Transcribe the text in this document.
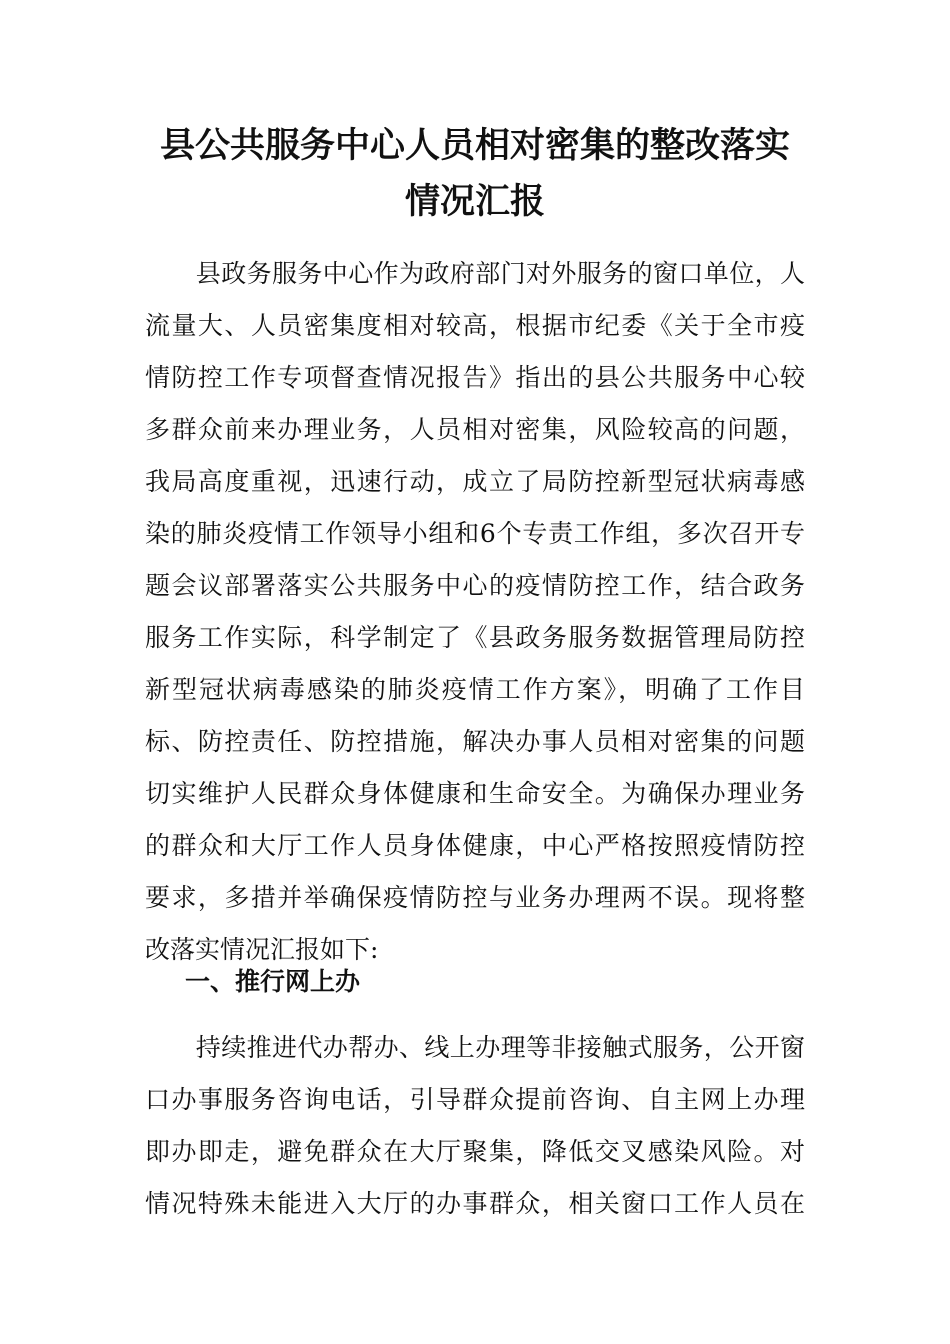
县公共服务中心人员相对密集的整改落实
情况汇报
　　县政务服务中心作为政府部门对外服务的窗口单位，人
流量大、人员密集度相对较高，根据市纪委《关于全市疫
情防控工作专项督查情况报告》指出的县公共服务中心较
多群众前来办理业务，人员相对密集，风险较高的问题，
我局高度重视，迅速行动，成立了局防控新型冠状病毒感
染的肺炎疫情工作领导小组和6个专责工作组，多次召开专
题会议部署落实公共服务中心的疫情防控工作，结合政务
服务工作实际，科学制定了《县政务服务数据管理局防控
新型冠状病毒感染的肺炎疫情工作方案》，明确了工作目
标、防控责任、防控措施，解决办事人员相对密集的问题
切实维护人民群众身体健康和生命安全。为确保办理业务
的群众和大厅工作人员身体健康，中心严格按照疫情防控
要求，多措并举确保疫情防控与业务办理两不误。现将整
改落实情况汇报如下:
一、推行网上办
　　持续推进代办帮办、线上办理等非接触式服务，公开窗
口办事服务咨询电话，引导群众提前咨询、自主网上办理
即办即走，避免群众在大厅聚集，降低交叉感染风险。对
情况特殊未能进入大厅的办事群众，相关窗口工作人员在
